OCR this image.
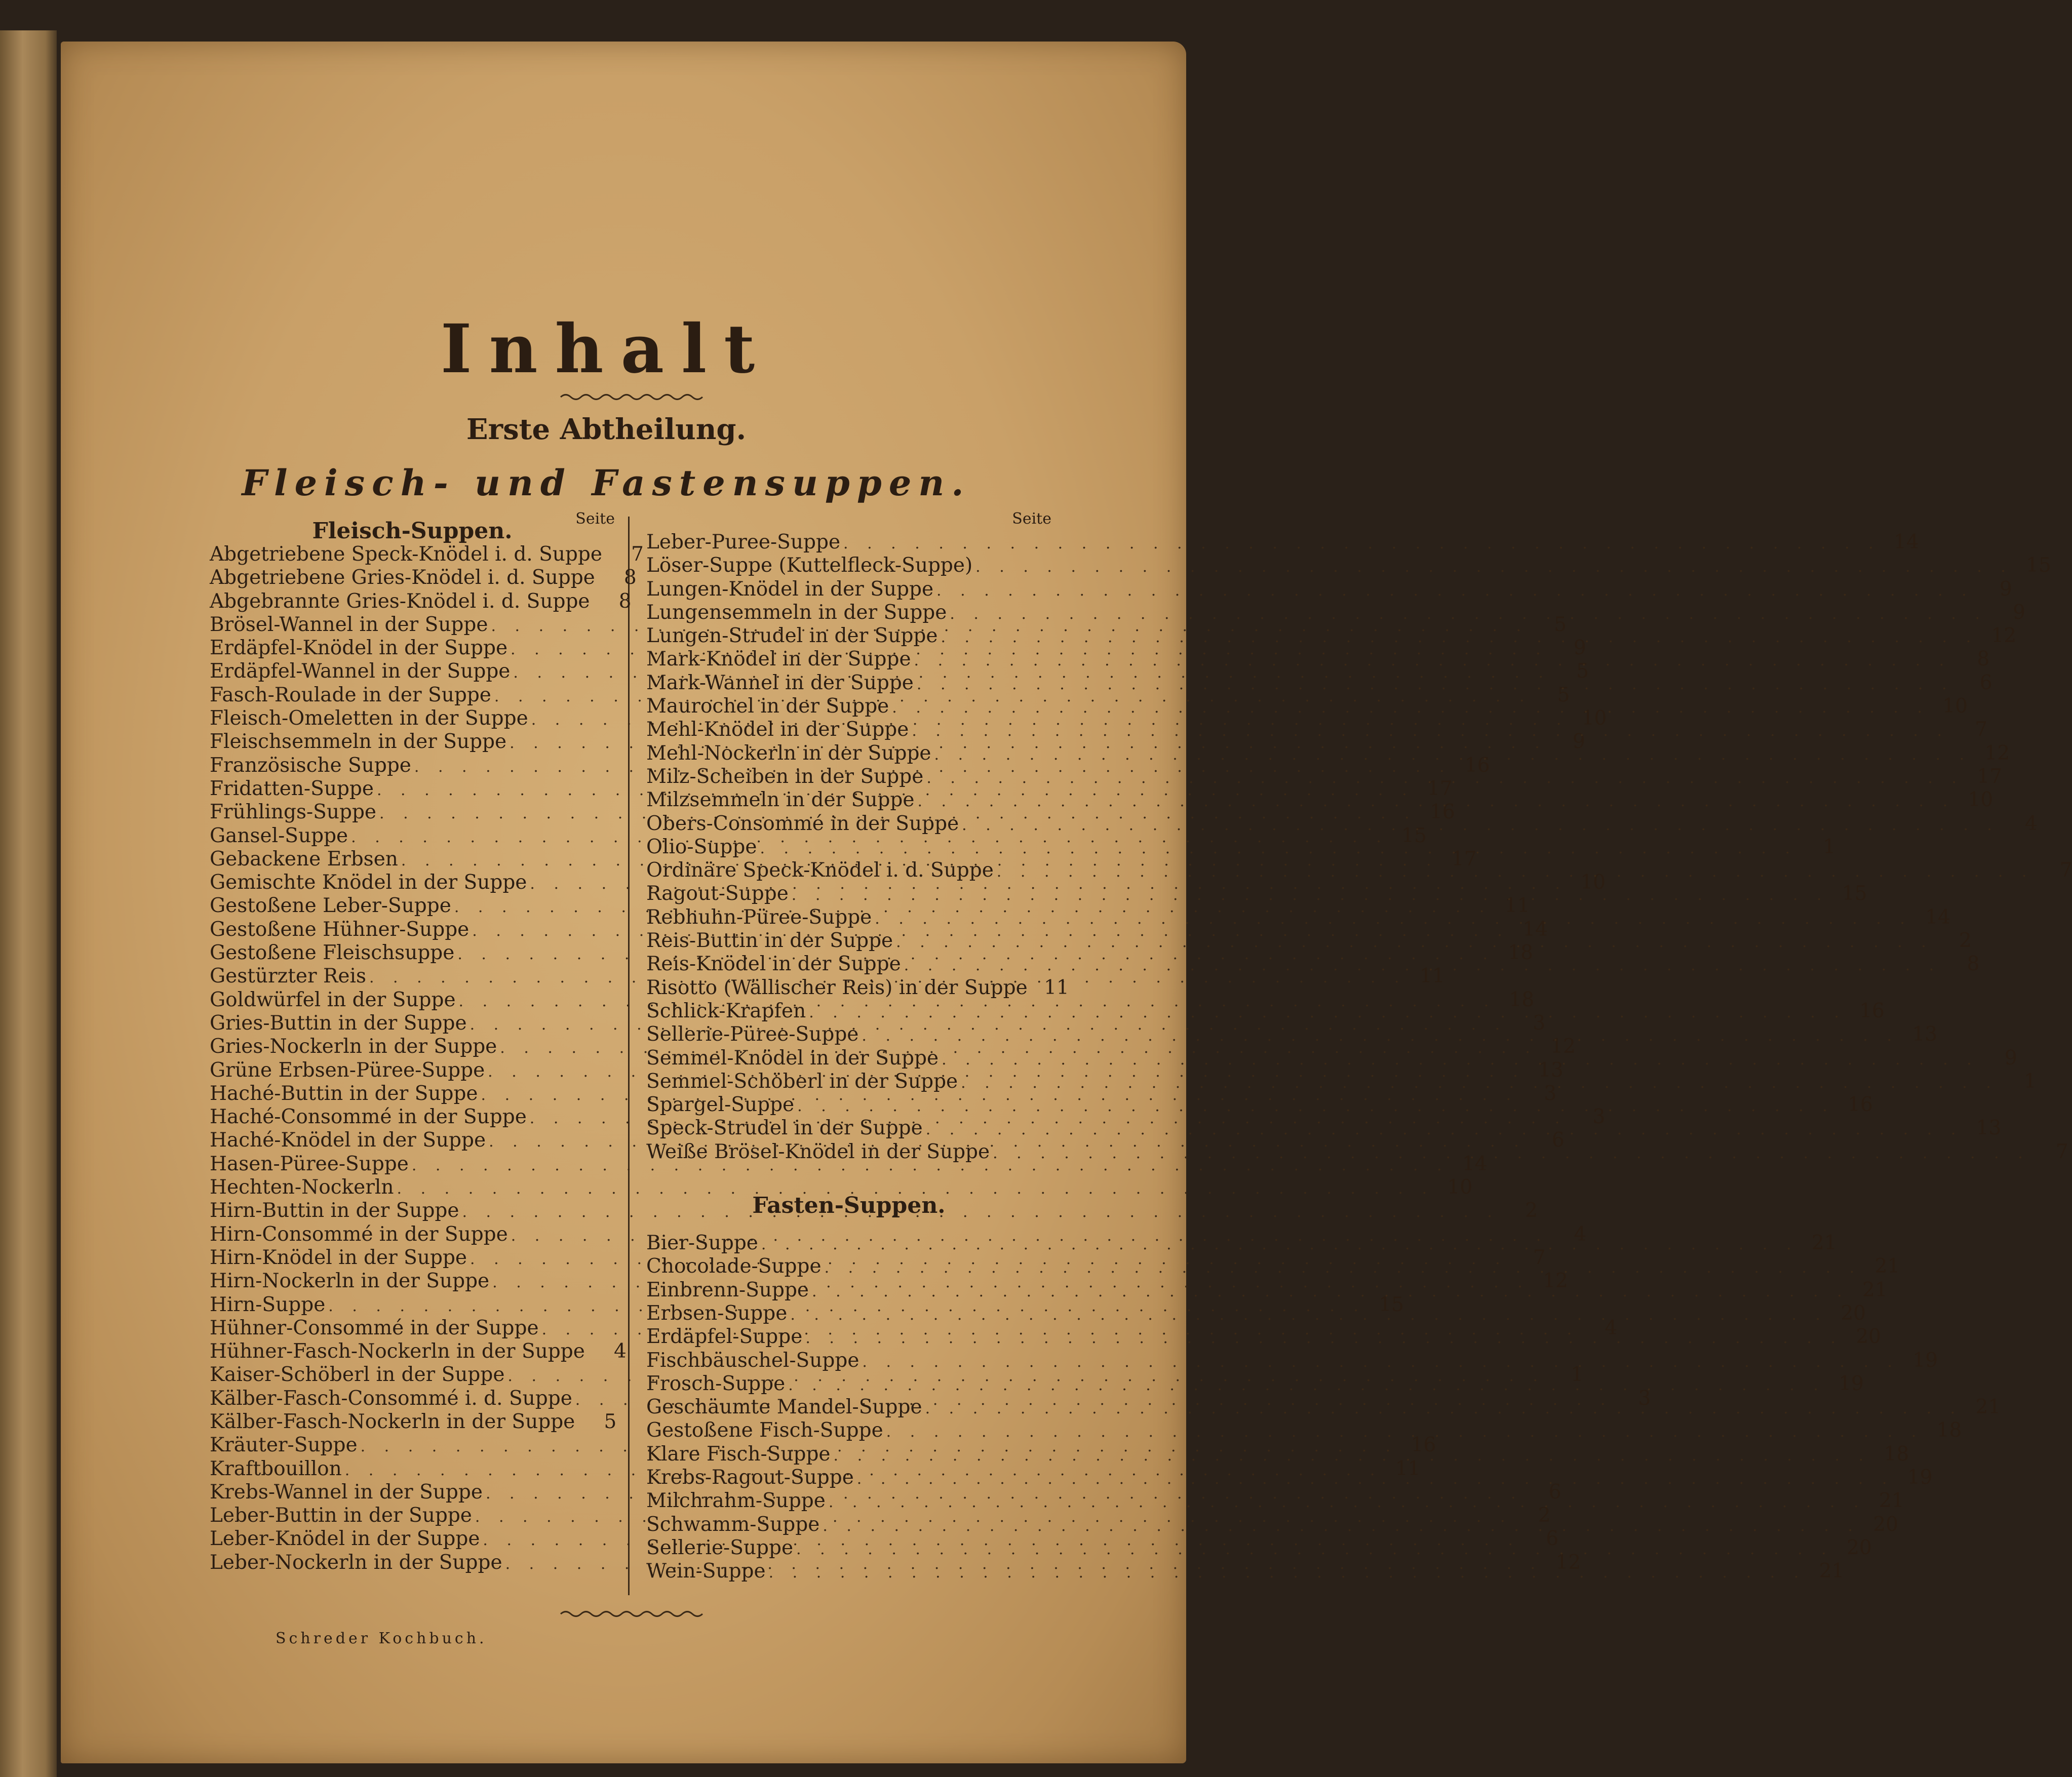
Inhalt
Erste Abtheilung.
Fleisch- und Fastensuppen.
Seite
Fleisch-Suppen.
Abgetriebene Speck-Knödel i. d. Suppe	7
Abgetriebene Gries-Knödel i. d. Suppe	8
Abgebrannte Gries-Knödel i. d. Suppe	8
Brösel-Wannel in der Suppe . . .	5
Erdäpfel-Knödel in der Suppe . . .	9
Erdäpfel-Wannel in der Suppe . . .	5
Fasch-Roulade in der Suppe . . .	5
Fleisch-Omeletten in der Suppe . . .	10
Fleischsemmeln in der Suppe . . .	9
Französische Suppe . . .	16
Fridatten-Suppe . . .	17
Frühlings-Suppe . . .	16
Gansel-Suppe . . .	15
Gebackene Erbsen . . .	17
Gemischte Knödel in der Suppe . . .	10
Gestoßene Leber-Suppe . . .	11
Gestoßene Hühner-Suppe . . .	14
Gestoßene Fleischsuppe . . .	18
Gestürzter Reis . . .	11
Goldwürfel in der Suppe . . .	18
Gries-Buttin in der Suppe . . .	3
Gries-Nockerln in der Suppe . . .	12
Grüne Erbsen-Püree-Suppe . . .	13
Haché-Buttin in der Suppe . . .	3
Haché-Consommé in der Suppe . . .	3
Haché-Knödel in der Suppe . . .	6
Hasen-Püree-Suppe . . .	14
Hechten-Nockerln . . .	10
Hirn-Buttin in der Suppe . . .	2
Hirn-Consommé in der Suppe . . .	4
Hirn-Knödel in der Suppe . . .	7
Hirn-Nockerln in der Suppe . . .	12
Hirn-Suppe . . .	15
Hühner-Consommé in der Suppe . . .	4
Hühner-Fasch-Nockerln in der Suppe	4
Kaiser-Schöberl in der Suppe . . .	1
Kälber-Fasch-Consommé i. d. Suppe . . .	3
Kälber-Fasch-Nockerln in der Suppe	5
Kräuter-Suppe . . .	16
Kraftbouillon . . .	11
Krebs-Wannel in der Suppe . . .	6
Leber-Buttin in der Suppe . . .	2
Leber-Knödel in der Suppe . . .	6
Leber-Nockerln in der Suppe . . .	12
Seite
Leber-Puree-Suppe . . .	14
Löser-Suppe (Kuttelfleck-Suppe) . . .	15
Lungen-Knödel in der Suppe . . .	9
Lungensemmeln in der Suppe . . .	9
Lungen-Strudel in der Suppe . . .	12
Mark-Knödel in der Suppe . . .	8
Mark-Wannel in der Suppe . . .	6
Maurochel in der Suppe . . .	10
Mehl-Knödel in der Suppe . . .	7
Mehl-Nockerln in der Suppe . . .	12
Milz-Scheiben in der Suppe . . .	17
Milzsemmeln in der Suppe . . .	10
Obers-Consommé in der Suppe . . .	4
Olio-Suppe . . .	1
Ordinäre Speck-Knödel i. d. Suppe . . .	7
Ragout-Suppe . . .	15
Rebhuhn-Püree-Suppe . . .	14
Reis-Buttin in der Suppe . . .	2
Reis-Knödel in der Suppe . . .	8
Risotto (Wällischer Reis) in der Suppe 11
Schlick-Krapfen . . .	16
Sellerie-Püree-Suppe . . .	13
Semmel-Knödel in der Suppe . . .	9
Semmel-Schöberl in der Suppe . . .	1
Spargel-Suppe . . .	16
Speck-Strudel in der Suppe . . .	13
Weiße Brösel-Knödel in der Suppe . . .	7
Fasten-Suppen.
Bier-Suppe . . .	21
Chocolade-Suppe . . .	21
Einbrenn-Suppe . . .	21
Erbsen-Suppe . . .	20
Erdäpfel-Suppe . . .	20
Fischbäuschel-Suppe . . .	19
Frosch-Suppe . . .	19
Geschäumte Mandel-Suppe . . .	21
Gestoßene Fisch-Suppe . . .	18
Klare Fisch-Suppe . . .	18
Krebs-Ragout-Suppe . . .	19
Milchrahm-Suppe . . .	21
Schwamm-Suppe . . .	20
Sellerie-Suppe . . .	20
Wein-Suppe . . .	21
Schreder Kochbuch.
